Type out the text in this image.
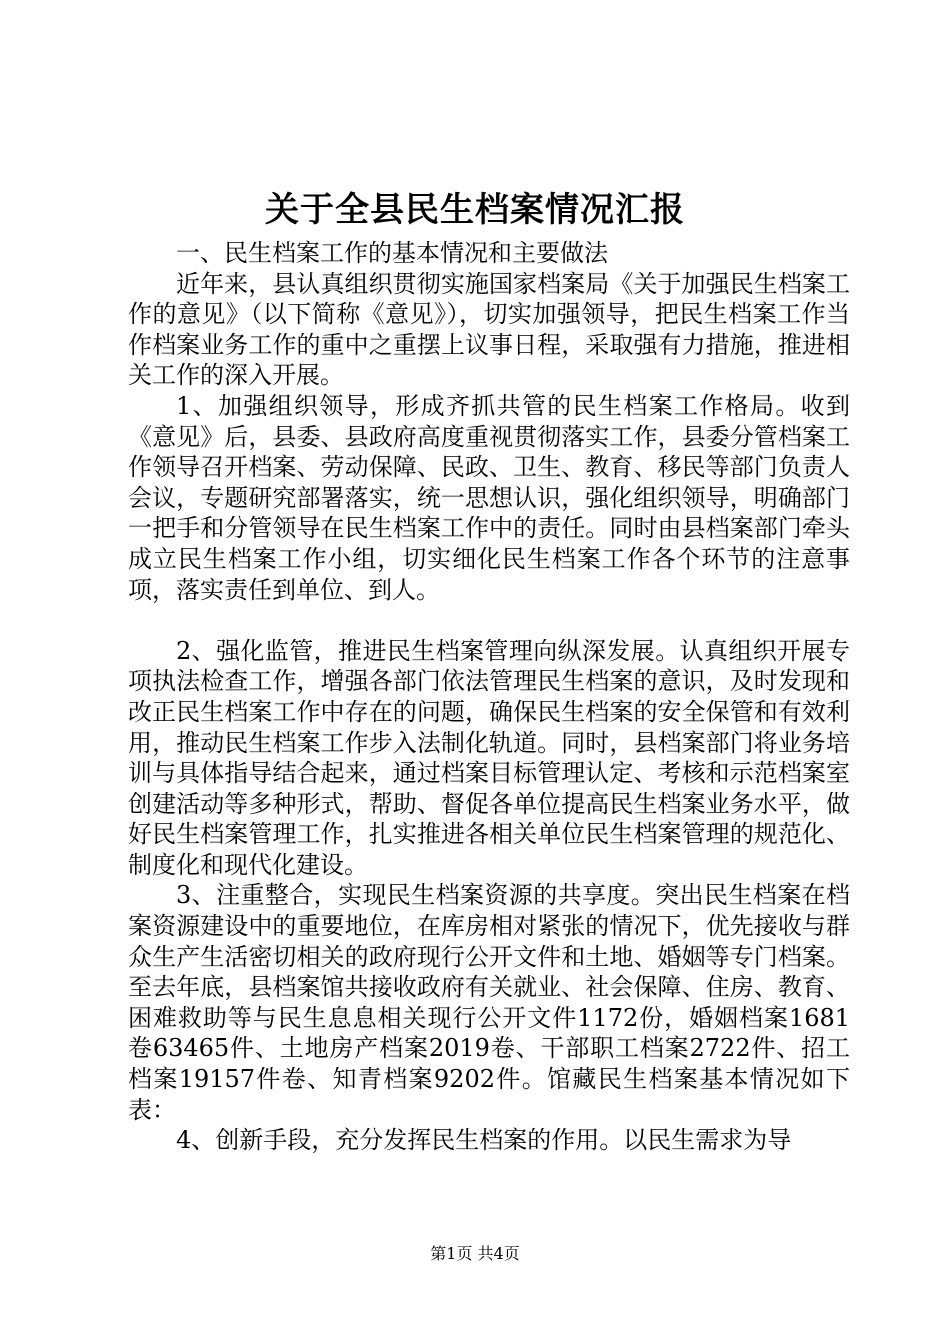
关于全县民生档案情况汇报

一、民生档案工作的基本情况和主要做法

近年来，县认真组织贯彻实施国家档案局《关于加强民生档案工作的意见》（以下简称《意见》），切实加强领导，把民生档案工作当作档案业务工作的重中之重摆上议事日程，采取强有力措施，推进相关工作的深入开展。

1、加强组织领导，形成齐抓共管的民生档案工作格局。收到《意见》后，县委、县政府高度重视贯彻落实工作，县委分管档案工作领导召开档案、劳动保障、民政、卫生、教育、移民等部门负责人会议，专题研究部署落实，统一思想认识，强化组织领导，明确部门一把手和分管领导在民生档案工作中的责任。同时由县档案部门牵头成立民生档案工作小组，切实细化民生档案工作各个环节的注意事项，落实责任到单位、到人。

2、强化监管，推进民生档案管理向纵深发展。认真组织开展专项执法检查工作，增强各部门依法管理民生档案的意识，及时发现和改正民生档案工作中存在的问题，确保民生档案的安全保管和有效利用，推动民生档案工作步入法制化轨道。同时，县档案部门将业务培训与具体指导结合起来，通过档案目标管理认定、考核和示范档案室创建活动等多种形式，帮助、督促各单位提高民生档案业务水平，做好民生档案管理工作，扎实推进各相关单位民生档案管理的规范化、制度化和现代化建设。

3、注重整合，实现民生档案资源的共享度。突出民生档案在档案资源建设中的重要地位，在库房相对紧张的情况下，优先接收与群众生产生活密切相关的政府现行公开文件和土地、婚姻等专门档案。至去年底，县档案馆共接收政府有关就业、社会保障、住房、教育、困难救助等与民生息息相关现行公开文件1172份，婚姻档案1681卷63465件、土地房产档案2019卷、干部职工档案2722件、招工档案19157件卷、知青档案9202件。馆藏民生档案基本情况如下表：

4、创新手段，充分发挥民生档案的作用。以民生需求为导

第1页 共4页
